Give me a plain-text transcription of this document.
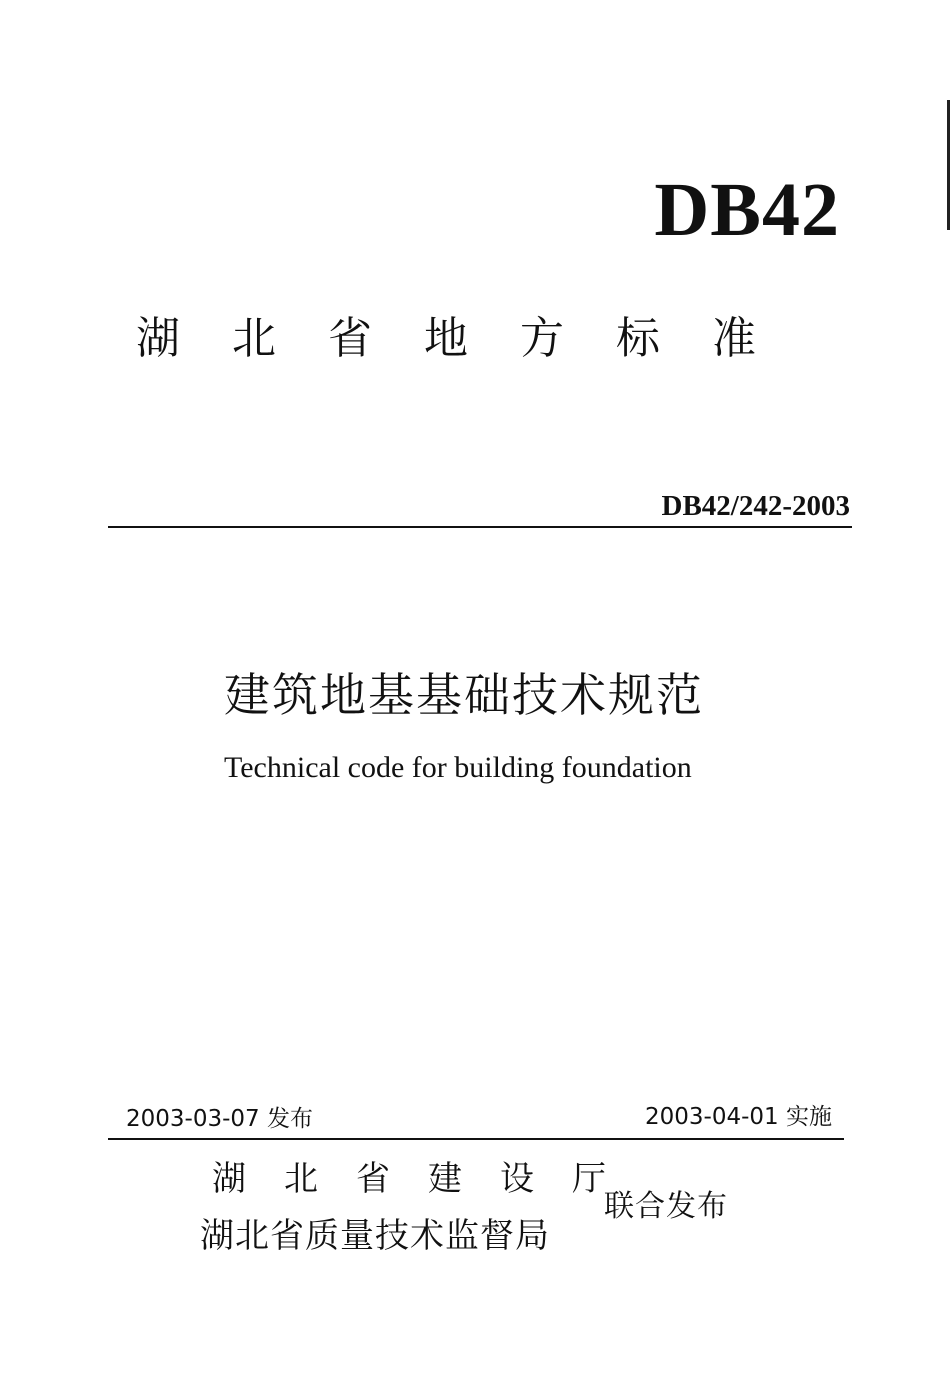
DB42
湖北省地方标准
DB42/242-2003
建筑地基基础技术规范
Technical code for building foundation
2003-03-07 发布	2003-04-01 实施
湖北省建设厅
湖北省质量技术监督局
联合发布
